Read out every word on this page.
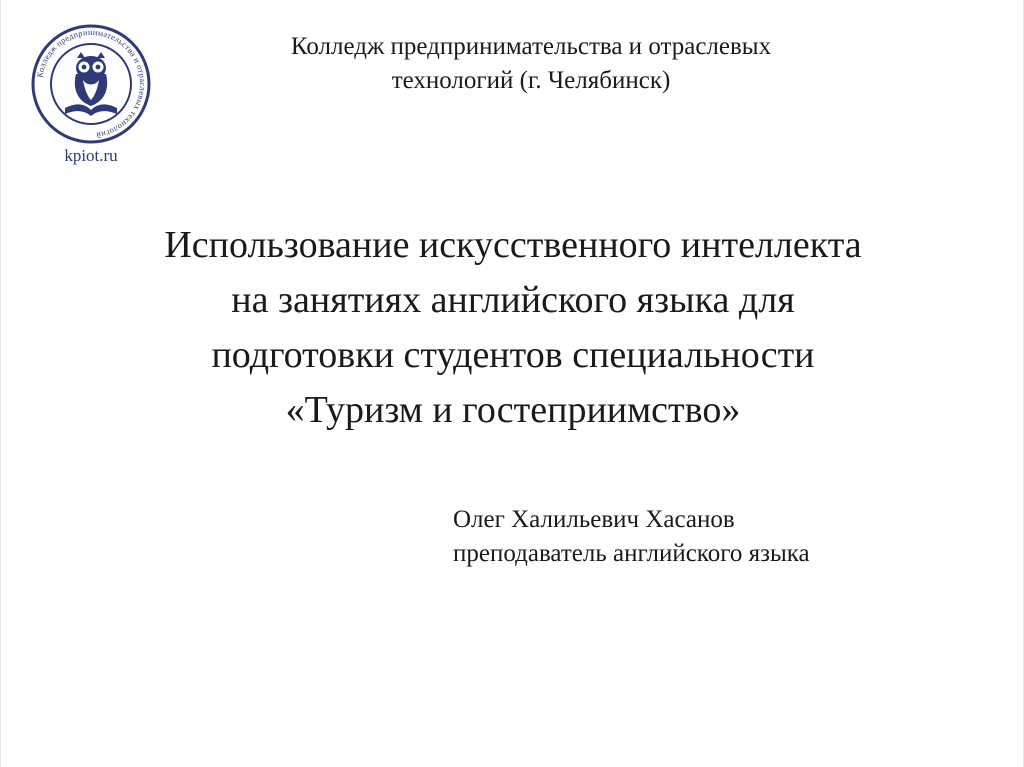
Колледж предпринимательства и отраслевых технологий
kpiot.ru
Колледж предпринимательства и отраслевых
технологий (г. Челябинск)
Использование искусственного интеллекта
на занятиях английского языка для
подготовки студентов специальности
«Туризм и гостеприимство»
Олег Халильевич Хасанов
преподаватель английского языка
